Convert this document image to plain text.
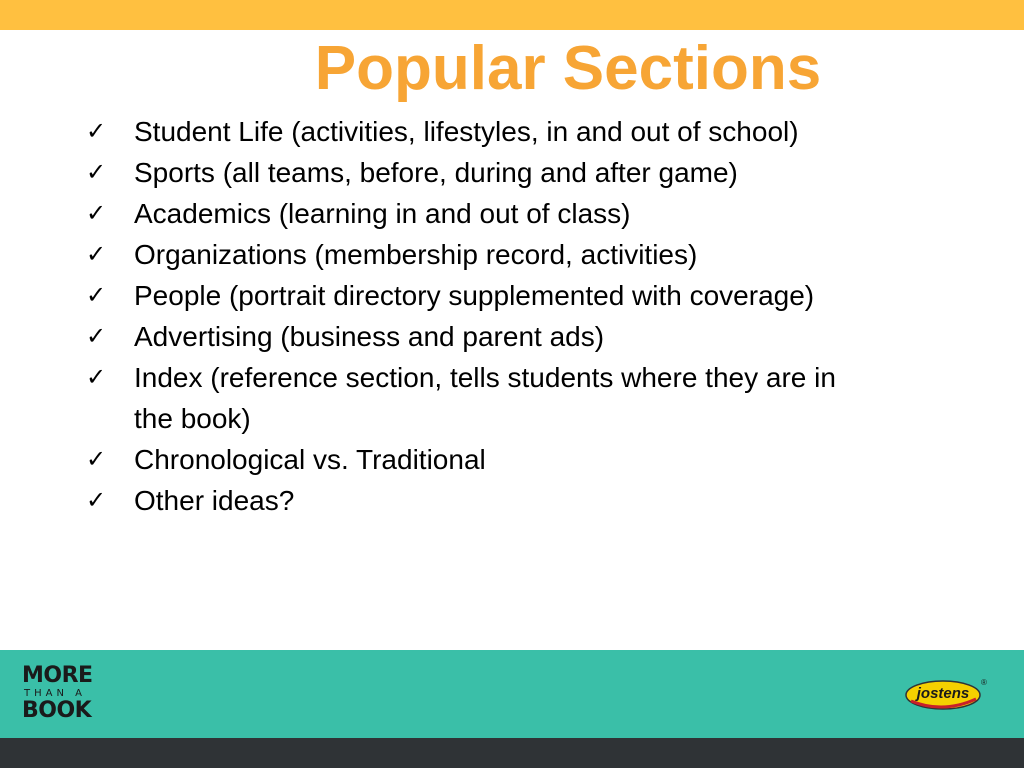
Popular Sections
✓ Student Life (activities, lifestyles, in and out of school)
✓ Sports (all teams, before, during and after game)
✓ Academics (learning in and out of class)
✓ Organizations (membership record, activities)
✓ People (portrait directory supplemented with coverage)
✓ Advertising (business and parent ads)
✓ Index (reference section, tells students where they are in the book)
✓ Chronological vs. Traditional
✓ Other ideas?
MORE
THAN A
BOOK
jostens
®
